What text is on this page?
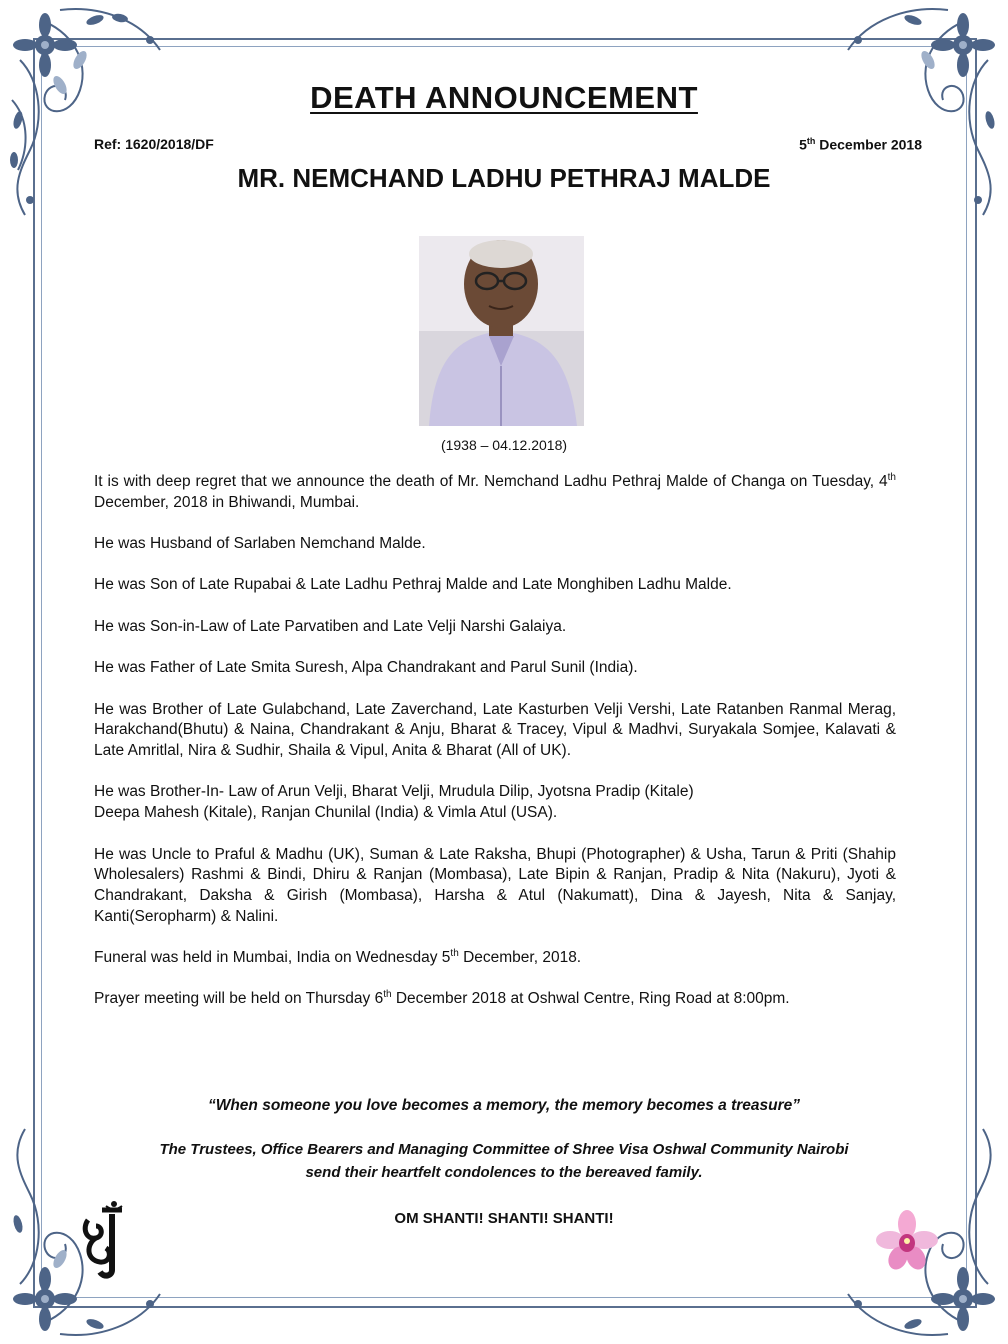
DEATH ANNOUNCEMENT
Ref: 1620/2018/DF	5th December 2018
MR. NEMCHAND LADHU PETHRAJ MALDE
(1938 – 04.12.2018)

It is with deep regret that we announce the death of Mr. Nemchand Ladhu Pethraj Malde of Changa on Tuesday, 4th December, 2018 in Bhiwandi, Mumbai.

He was Husband of Sarlaben Nemchand Malde.

He was Son of Late Rupabai & Late Ladhu Pethraj Malde and Late Monghiben Ladhu Malde.

He was Son-in-Law of Late Parvatiben and Late Velji Narshi Galaiya.

He was Father of Late Smita Suresh, Alpa Chandrakant and Parul Sunil (India).

He was Brother of Late Gulabchand, Late Zaverchand, Late Kasturben Velji Vershi, Late Ratanben Ranmal Merag, Harakchand(Bhutu) & Naina, Chandrakant & Anju, Bharat & Tracey, Vipul & Madhvi, Suryakala Somjee, Kalavati & Late Amritlal, Nira & Sudhir, Shaila & Vipul, Anita & Bharat (All of UK).

He was Brother-In- Law of Arun Velji, Bharat Velji, Mrudula Dilip, Jyotsna Pradip (Kitale)
Deepa Mahesh (Kitale), Ranjan Chunilal (India) & Vimla Atul (USA).

He was Uncle to Praful & Madhu (UK), Suman & Late Raksha, Bhupi (Photographer) & Usha, Tarun & Priti (Shahip Wholesalers) Rashmi & Bindi, Dhiru & Ranjan (Mombasa), Late Bipin & Ranjan, Pradip & Nita (Nakuru), Jyoti & Chandrakant, Daksha & Girish (Mombasa), Harsha & Atul (Nakumatt), Dina & Jayesh, Nita & Sanjay, Kanti(Seropharm) & Nalini.

Funeral was held in Mumbai, India on Wednesday 5th December, 2018.

Prayer meeting will be held on Thursday 6th December 2018 at Oshwal Centre, Ring Road at 8:00pm.

“When someone you love becomes a memory, the memory becomes a treasure”
The Trustees, Office Bearers and Managing Committee of Shree Visa Oshwal Community Nairobi
send their heartfelt condolences to the bereaved family.
OM SHANTI! SHANTI! SHANTI!
